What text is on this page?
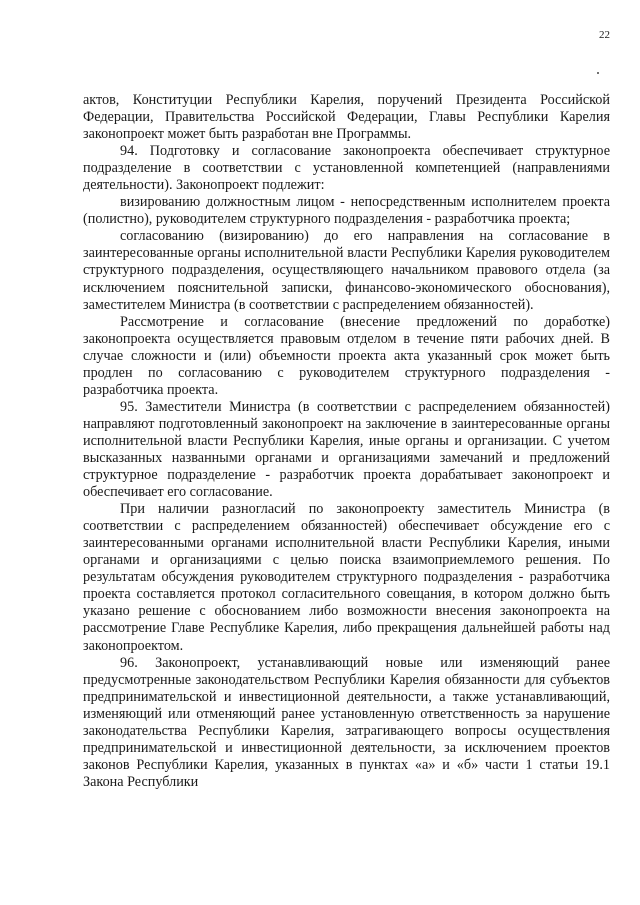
22

актов, Конституции Республики Карелия, поручений Президента Российской Федерации, Правительства Российской Федерации, Главы Республики Карелия законопроект может быть разработан вне Программы.

94. Подготовку и согласование законопроекта обеспечивает структурное подразделение в соответствии с установленной компетенцией (направлениями деятельности). Законопроект подлежит:

визированию должностным лицом - непосредственным исполнителем проекта (полистно), руководителем структурного подразделения - разработчика проекта;

согласованию (визированию) до его направления на согласование в заинтересованные органы исполнительной власти Республики Карелия руководителем структурного подразделения, осуществляющего начальником правового отдела (за исключением пояснительной записки, финансово-экономического обоснования), заместителем Министра (в соответствии с распределением обязанностей).

Рассмотрение и согласование (внесение предложений по доработке) законопроекта осуществляется правовым отделом в течение пяти рабочих дней. В случае сложности и (или) объемности проекта акта указанный срок может быть продлен по согласованию с руководителем структурного подразделения - разработчика проекта.

95. Заместители Министра (в соответствии с распределением обязанностей) направляют подготовленный законопроект на заключение в заинтересованные органы исполнительной власти Республики Карелия, иные органы и организации. С учетом высказанных названными органами и организациями замечаний и предложений структурное подразделение - разработчик проекта дорабатывает законопроект и обеспечивает его согласование.

При наличии разногласий по законопроекту заместитель Министра (в соответствии с распределением обязанностей) обеспечивает обсуждение его с заинтересованными органами исполнительной власти Республики Карелия, иными органами и организациями с целью поиска взаимоприемлемого решения. По результатам обсуждения руководителем структурного подразделения - разработчика проекта составляется протокол согласительного совещания, в котором должно быть указано решение с обоснованием либо возможности внесения законопроекта на рассмотрение Главе Республике Карелия, либо прекращения дальнейшей работы над законопроектом.

96. Законопроект, устанавливающий новые или изменяющий ранее предусмотренные законодательством Республики Карелия обязанности для субъектов предпринимательской и инвестиционной деятельности, а также устанавливающий, изменяющий или отменяющий ранее установленную ответственность за нарушение законодательства Республики Карелия, затрагивающего вопросы осуществления предпринимательской и инвестиционной деятельности, за исключением проектов законов Республики Карелия, указанных в пунктах «а» и «б» части 1 статьи 19.1 Закона Республики
